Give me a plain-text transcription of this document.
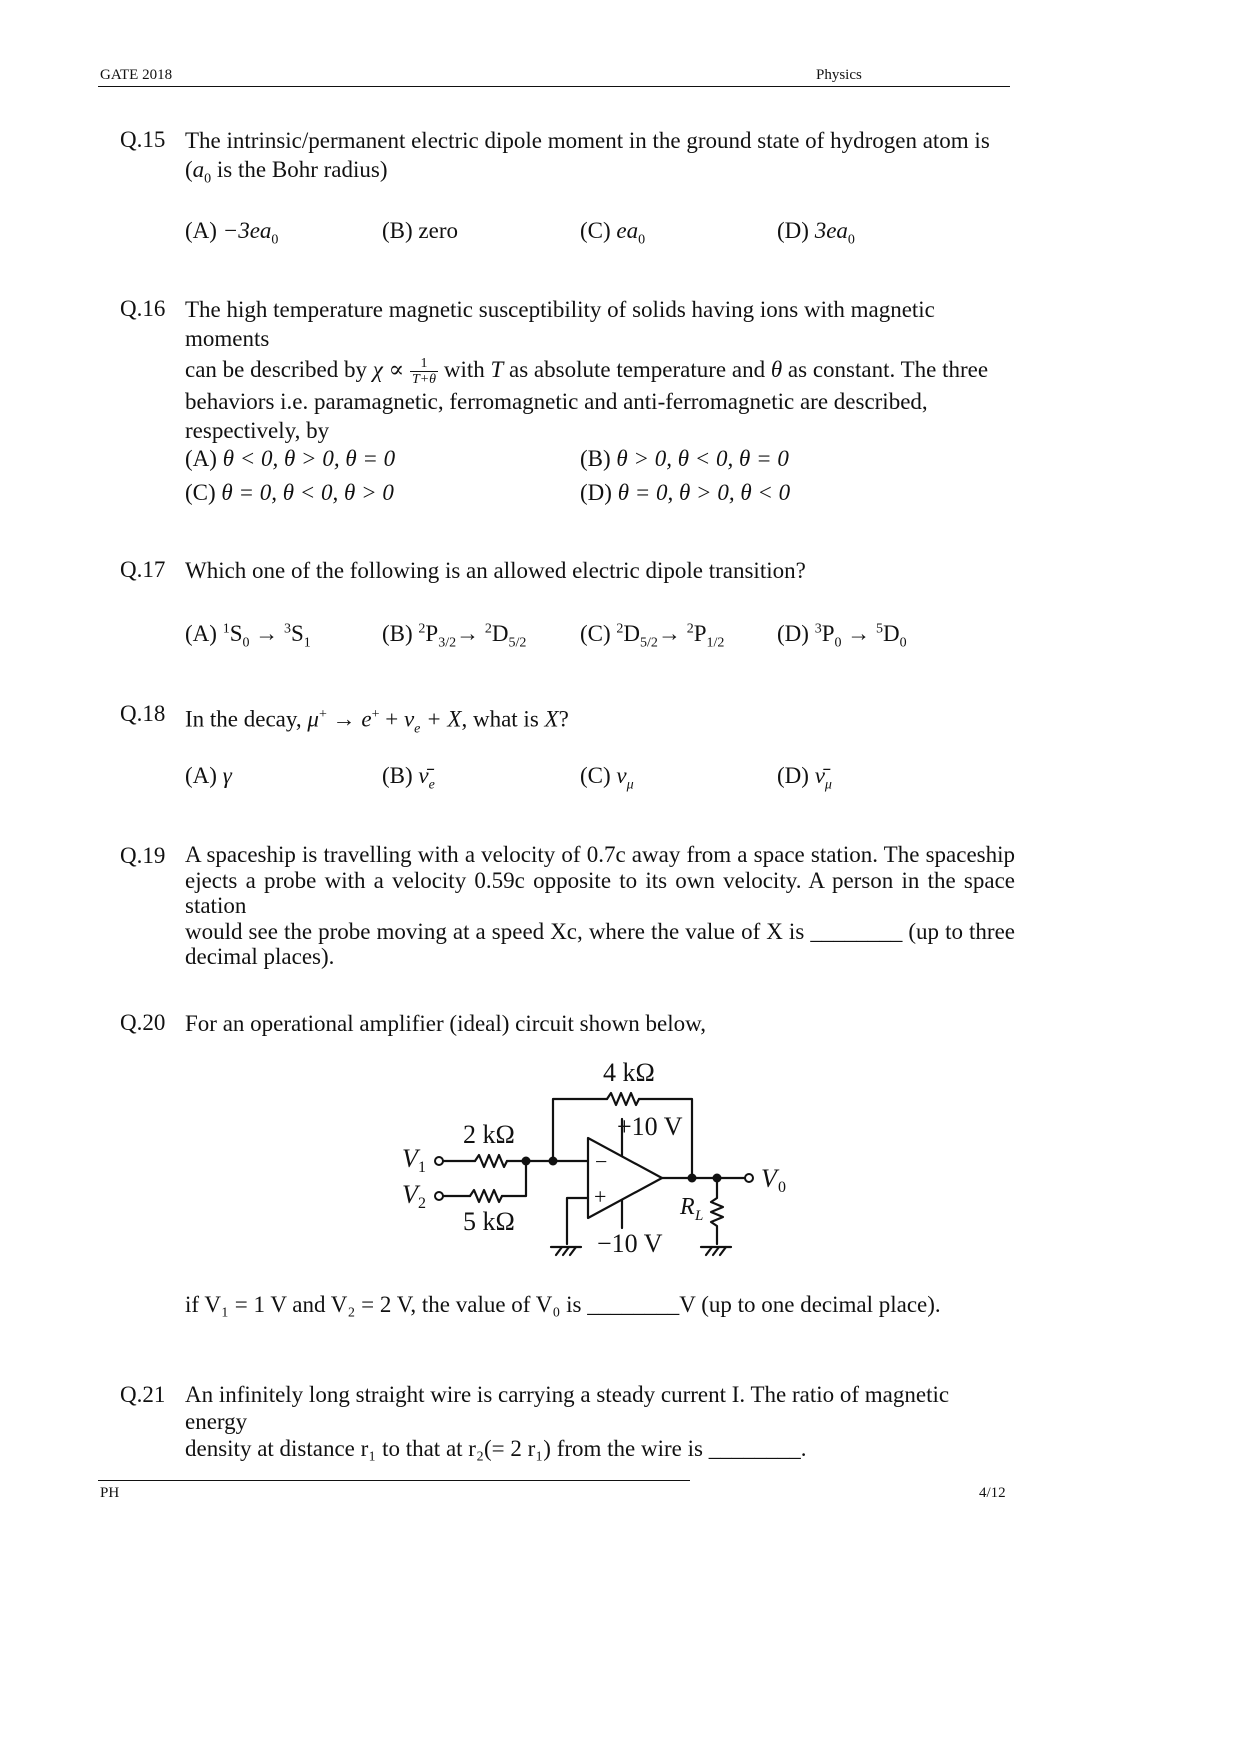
GATE 2018	Physics
Q.15 The intrinsic/permanent electric dipole moment in the ground state of hydrogen atom is
($a_0$ is the Bohr radius)
$(A) -3ea_0$	(B) zero	(C) $ea_0$	(D) $3ea_0$
Q.16 The high temperature magnetic susceptibility of solids having ions with magnetic moments
can be described by $\chi \propto \frac{1}{T+\theta}$ with T as absolute temperature and θ as constant. The three
behaviors i.e. paramagnetic, ferromagnetic and anti-ferromagnetic are described,
respectively, by
(A) θ < 0, θ > 0, θ = 0	(B) θ > 0, θ < 0, θ = 0
(C) θ = 0, θ < 0, θ > 0	(D) θ = 0, θ > 0, θ < 0
Q.17 Which one of the following is an allowed electric dipole transition?
(A) $^1S_0 \to ^3S_1$	(B) $^2P_{3/2}\to ^2D_{5/2}$ (C) $^2D_{5/2}\to ^2P_{1/2}$ (D) $^3P_0 \to ^5D_0$
Q.18 In the decay, $\mu^+ \to e^+ + \nu_e + X$, what is X?
(A) γ	(B) $\nū_e$	(C) $\nu_\mu$	(D) $\nū_\mu$
Q.19 A spaceship is travelling with a velocity of 0.7c away from a space station. The spaceship
ejects a probe with a velocity 0.59c opposite to its own velocity. A person in the space station
would see the probe moving at a speed Xc, where the value of X is ________ (up to three
decimal places).
Q.20 For an operational amplifier (ideal) circuit shown below,
4 kΩ
2 kΩ
5 kΩ
+10 V
−10 V
V 1
V 2
V 0
R L
−
+
if V₁ = 1 V and V₂ = 2 V, the value of V₀ is ________V (up to one decimal place).
Q.21 An infinitely long straight wire is carrying a steady current I. The ratio of magnetic energy
density at distance r₁ to that at r₂(= 2 r₁) from the wire is ________.
PH	4/12
